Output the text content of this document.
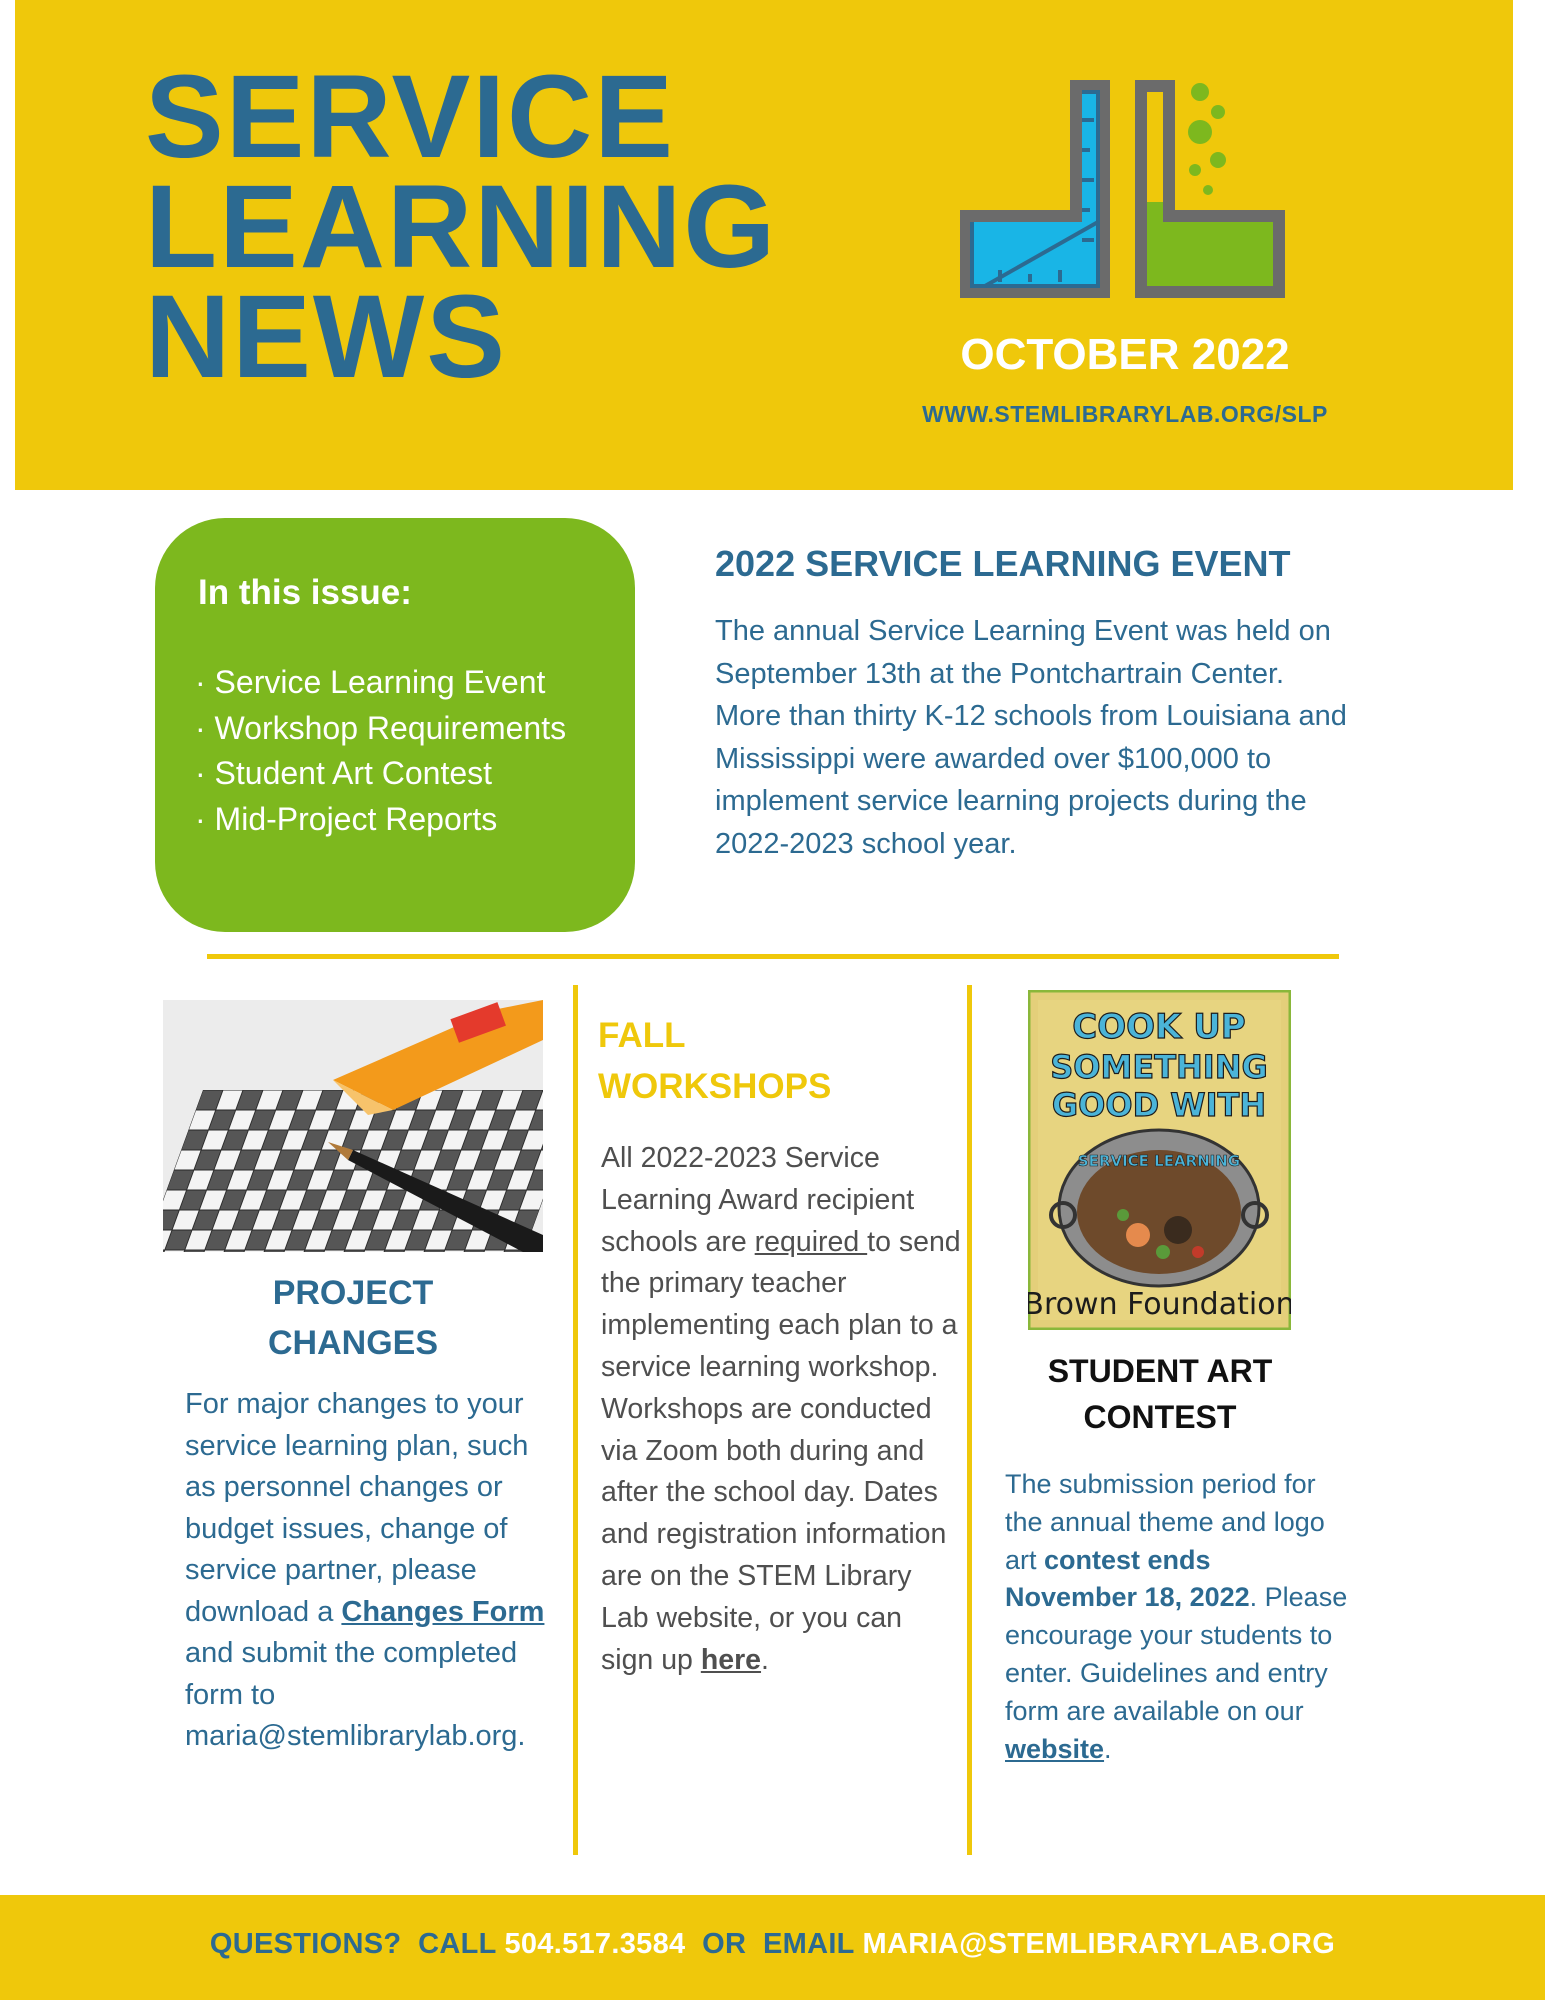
SERVICE
LEARNING
NEWS	OCTOBER 2022
WWW.STEMLIBRARYLAB.ORG/SLP
In this issue:
· Service Learning Event
· Workshop Requirements
· Student Art Contest
· Mid-Project Reports
2022 SERVICE LEARNING EVENT
The annual Service Learning Event was held on September 13th at the Pontchartrain Center. More than thirty K-12 schools from Louisiana and Mississippi were awarded over $100,000 to implement service learning projects during the 2022-2023 school year.
PROJECT
CHANGES
For major changes to your service learning plan, such as personnel changes or budget issues, change of service partner, please download a Changes Form and submit the completed form to maria@stemlibrarylab.org.
FALL
WORKSHOPS
All 2022-2023 Service Learning Award recipient schools are required to send the primary teacher implementing each plan to a service learning workshop. Workshops are conducted via Zoom both during and after the school day. Dates and registration information are on the STEM Library Lab website, or you can sign up here.
COOK UP
SOMETHING
GOOD WITH
SERVICE LEARNING
Brown Foundation
STUDENT ART
CONTEST
The submission period for the annual theme and logo art contest ends November 18, 2022. Please encourage your students to enter. Guidelines and entry form are available on our website.
QUESTIONS? CALL 504.517.3584 OR EMAIL MARIA@STEMLIBRARYLAB.ORG
